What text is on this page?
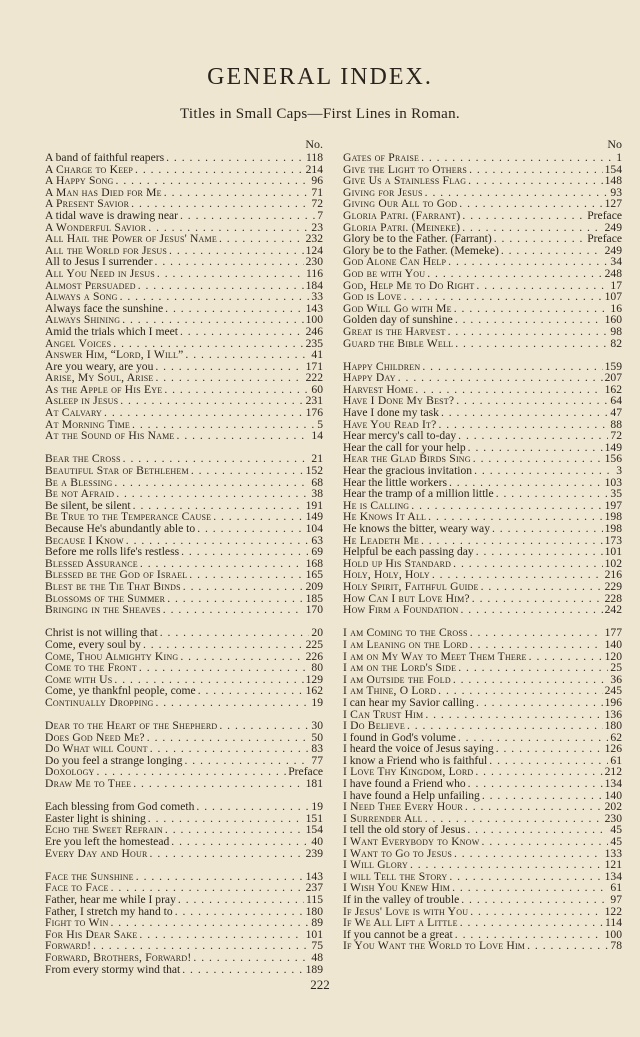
GENERAL INDEX.
Titles in Small Caps—First Lines in Roman.
No.
A band of faithful reapers . . .	118
A Charge to Keep . . .	214
A Happy Song . . .	96
A Man has Died for Me . . .	71
A Present Savior . . .	72
A tidal wave is drawing near . . .	7
A Wonderful Savior . . .	23
All Hail the Power of Jesus' Name . . .	232
All the World for Jesus . . .	124
All to Jesus I surrender . . .	230
All You Need in Jesus . . .	116
Almost Persuaded . . .	184
Always a Song . . .	33
Always face the sunshine . . .	143
Always Shining . . .	100
Amid the trials which I meet . . .	246
Angel Voices . . .	235
Answer Him, “Lord, I Will” . . .	41
Are you weary, are you . . .	171
Arise, My Soul, Arise . . .	222
As the Apple of His Eye . . .	60
Asleep in Jesus . . .	231
At Calvary . . .	176
At Morning Time . . .	5
At the Sound of His Name . . .	14
Bear the Cross . . .	21
Beautiful Star of Bethlehem . . .	152
Be a Blessing . . .	68
Be not Afraid . . .	38
Be silent, be silent . . .	191
Be True to the Temperance Cause . . .	149
Because He's abundantly able to . . .	104
Because I Know . . .	63
Before me rolls life's restless . . .	69
Blessed Assurance . . .	168
Blessed be the God of Israel . . .	165
Blest be the Tie That Binds . . .	209
Blossoms of the Summer . . .	185
Bringing in the Sheaves . . .	170
Christ is not willing that . . .	20
Come, every soul by . . .	225
Come, Thou Almighty King . . .	226
Come to the Front . . .	80
Come with Us . . .	129
Come, ye thankfnl people, come . . .	162
Continually Dropping . . .	19
Dear to the Heart of the Shepherd . . .	30
Does God Need Me? . . .	50
Do What will Count . . .	83
Do you feel a strange longing . . .	77
Doxology . . .	Preface
Draw Me to Thee . . .	181
Each blessing from God cometh . . .	19
Easter light is shining . . .	151
Echo the Sweet Refrain . . .	154
Ere you left the homestead . . .	40
Every Day and Hour . . .	239
Face the Sunshine . . .	143
Face to Face . . .	237
Father, hear me while I pray . . .	115
Father, I stretch my hand to . . .	180
Fight to Win . . .	89
For His Dear Sake . . .	101
Forward! . . .	75
Forward, Brothers, Forward! . . .	48
From every stormy wind that . . .	189
No
Gates of Praise . . .	1
Give the Light to Others . . .	154
Give Us a Stainless Flag . . .	148
Giving for Jesus . . .	93
Giving Our All to God . . .	127
Gloria Patri. (Farrant) . . .	Preface
Gloria Patri. (Meineke) . . .	249
Glory be to the Father. (Farrant) . . .	Preface
Glory be to the Father. (Memeke) . . .	249
God Alone Can Help . . .	34
God be with You . . .	248
God, Help Me to Do Right . . .	17
God is Love . . .	107
God Will Go with Me . . .	16
Golden day of sunshine . . .	160
Great is the Harvest . . .	98
Guard the Bible Well . . .	82
Happy Children . . .	159
Happy Day . . .	207
Harvest Home . . .	162
Have I Done My Best? . . .	64
Have I done my task . . .	47
Have You Read It? . . .	88
Hear mercy's call to-day . . .	72
Hear the call for your help . . .	149
Hear the Glad Birds Sing . . .	156
Hear the gracious invitation . . .	3
Hear the little workers . . .	103
Hear the tramp of a million little . . .	35
He is Calling . . .	197
He Knows It All . . .	198
He knows the bitter, weary way . . .	198
He Leadeth Me . . .	173
Helpful be each passing day . . .	101
Hold up His Standard . . .	102
Holy, Holy, Holy . . .	216
Holy Spirit, Faithful Guide . . .	229
How Can I but Love Him? . . .	228
How Firm a Foundation . . .	242
I am Coming to the Cross . . .	177
I am Leaning on the Lord . . .	140
I am on My Way to Meet Them There . . .	120
I am on the Lord's Side . . .	25
I am Outside the Fold . . .	36
I am Thine, O Lord . . .	245
I can hear my Savior calling . . .	196
I Can Trust Him . . .	136
I Do Believe . . .	180
I found in God's volume . . .	62
I heard the voice of Jesus saying . . .	126
I know a Friend who is faithful . . .	61
I Love Thy Kingdom, Lord . . .	212
I have found a Friend who . . .	134
I have found a Help unfailing . . .	140
I Need Thee Every Hour . . .	202
I Surrender All . . .	230
I tell the old story of Jesus . . .	45
I Want Everybody to Know . . .	45
I Want to Go to Jesus . . .	133
I Will Glory . . .	121
I will Tell the Story . . .	134
I Wish You Knew Him . . .	61
If in the valley of trouble . . .	97
If Jesus' Love is with You . . .	122
If We All Lift a Little . . .	114
If you cannot be a great . . .	100
If You Want the World to Love Him . . .	78
222
